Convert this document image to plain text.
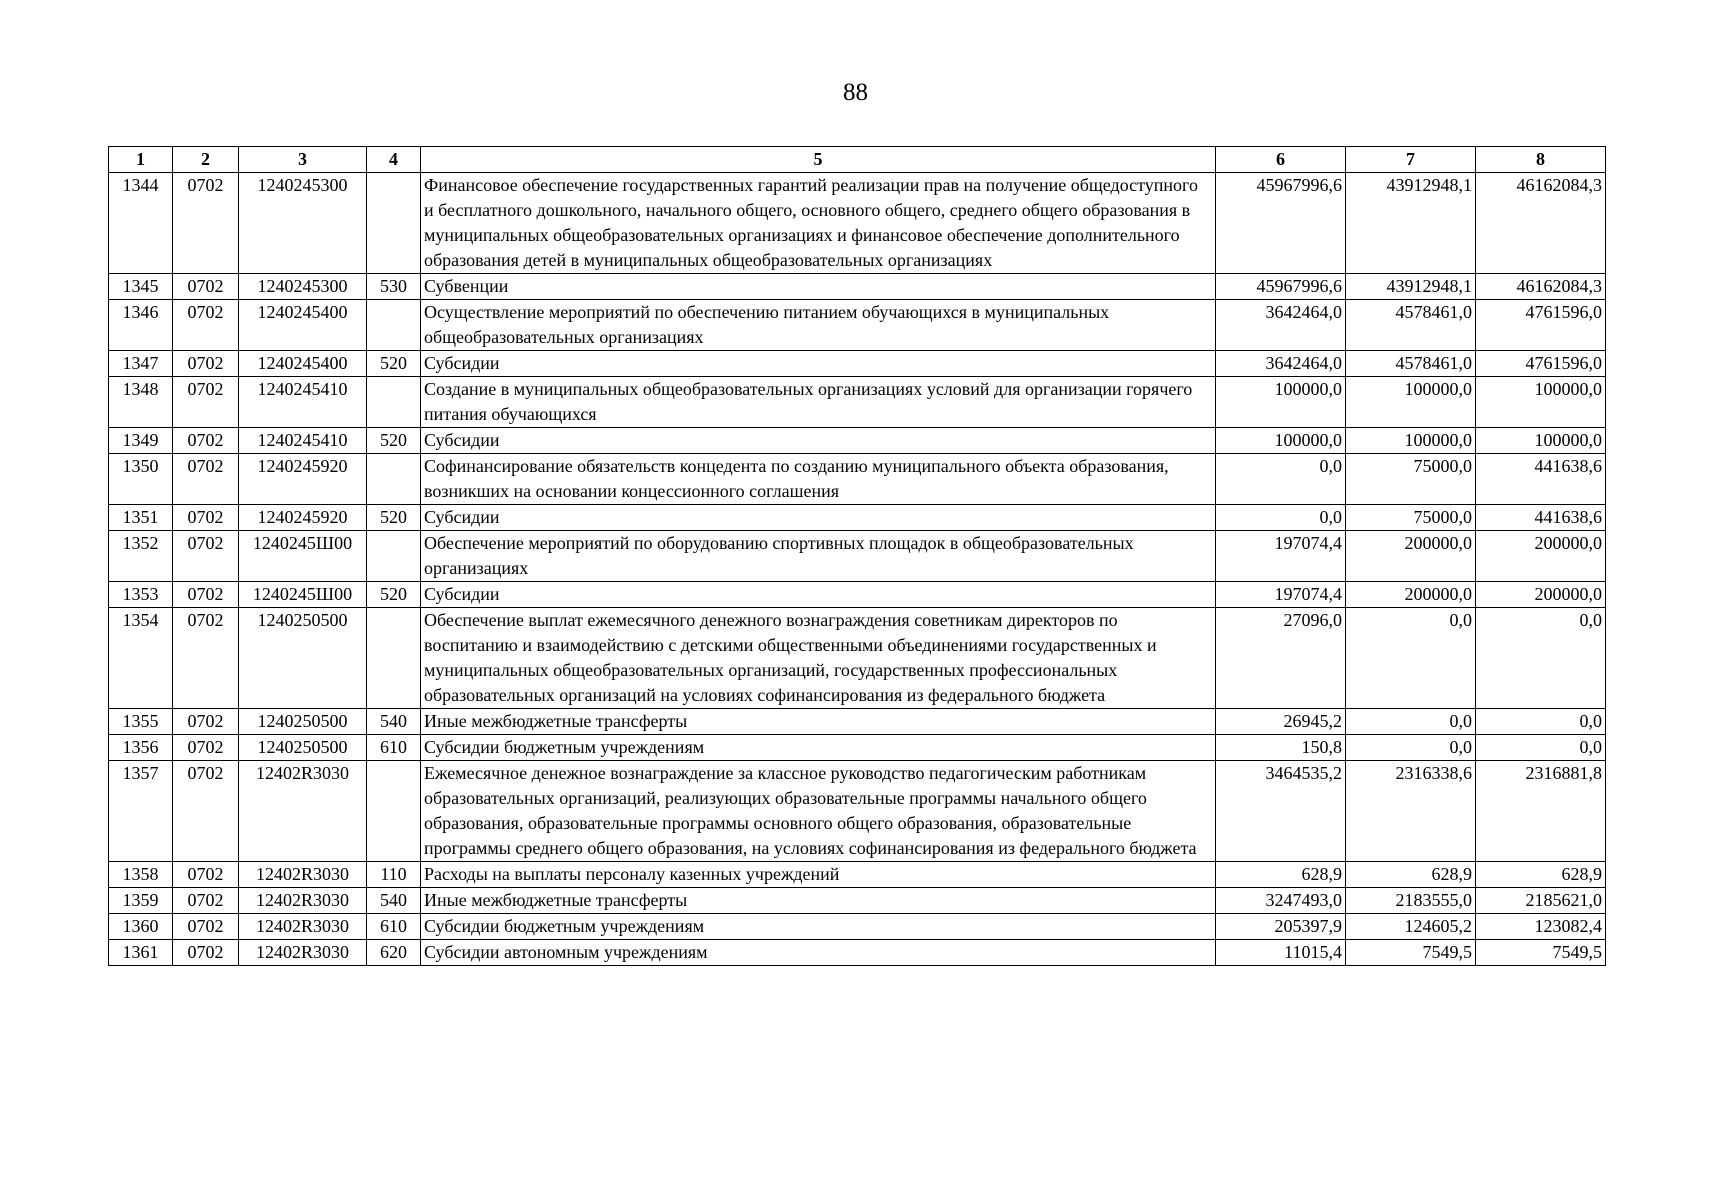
88
1	2	3	4	5	6	7	8
1344	0702	1240245300		Финансовое обеспечение государственных гарантий реализации прав на получение общедоступного и бесплатного дошкольного, начального общего, основного общего, среднего общего образования в муниципальных общеобразовательных организациях и финансовое обеспечение дополнительного образования детей в муниципальных общеобразовательных организациях	45967996,6	43912948,1	46162084,3
1345	0702	1240245300	530	Субвенции	45967996,6	43912948,1	46162084,3
1346	0702	1240245400		Осуществление мероприятий по обеспечению питанием обучающихся в муниципальных общеобразовательных организациях	3642464,0	4578461,0	4761596,0
1347	0702	1240245400	520	Субсидии	3642464,0	4578461,0	4761596,0
1348	0702	1240245410		Создание в муниципальных общеобразовательных организациях условий для организации горячего питания обучающихся	100000,0	100000,0	100000,0
1349	0702	1240245410	520	Субсидии	100000,0	100000,0	100000,0
1350	0702	1240245920		Софинансирование обязательств концедента по созданию муниципального объекта образования, возникших на основании концессионного соглашения	0,0	75000,0	441638,6
1351	0702	1240245920	520	Субсидии	0,0	75000,0	441638,6
1352	0702	1240245Ш00		Обеспечение мероприятий по оборудованию спортивных площадок в общеобразовательных организациях	197074,4	200000,0	200000,0
1353	0702	1240245Ш00	520	Субсидии	197074,4	200000,0	200000,0
1354	0702	1240250500		Обеспечение выплат ежемесячного денежного вознаграждения советникам директоров по воспитанию и взаимодействию с детскими общественными объединениями государственных и муниципальных общеобразовательных организаций, государственных профессиональных образовательных организаций на условиях софинансирования из федерального бюджета	27096,0	0,0	0,0
1355	0702	1240250500	540	Иные межбюджетные трансферты	26945,2	0,0	0,0
1356	0702	1240250500	610	Субсидии бюджетным учреждениям	150,8	0,0	0,0
1357	0702	12402R3030		Ежемесячное денежное вознаграждение за классное руководство педагогическим работникам образовательных организаций, реализующих образовательные программы начального общего образования, образовательные программы основного общего образования, образовательные программы среднего общего образования, на условиях софинансирования из федерального бюджета	3464535,2	2316338,6	2316881,8
1358	0702	12402R3030	110	Расходы на выплаты персоналу казенных учреждений	628,9	628,9	628,9
1359	0702	12402R3030	540	Иные межбюджетные трансферты	3247493,0	2183555,0	2185621,0
1360	0702	12402R3030	610	Субсидии бюджетным учреждениям	205397,9	124605,2	123082,4
1361	0702	12402R3030	620	Субсидии автономным учреждениям	11015,4	7549,5	7549,5
